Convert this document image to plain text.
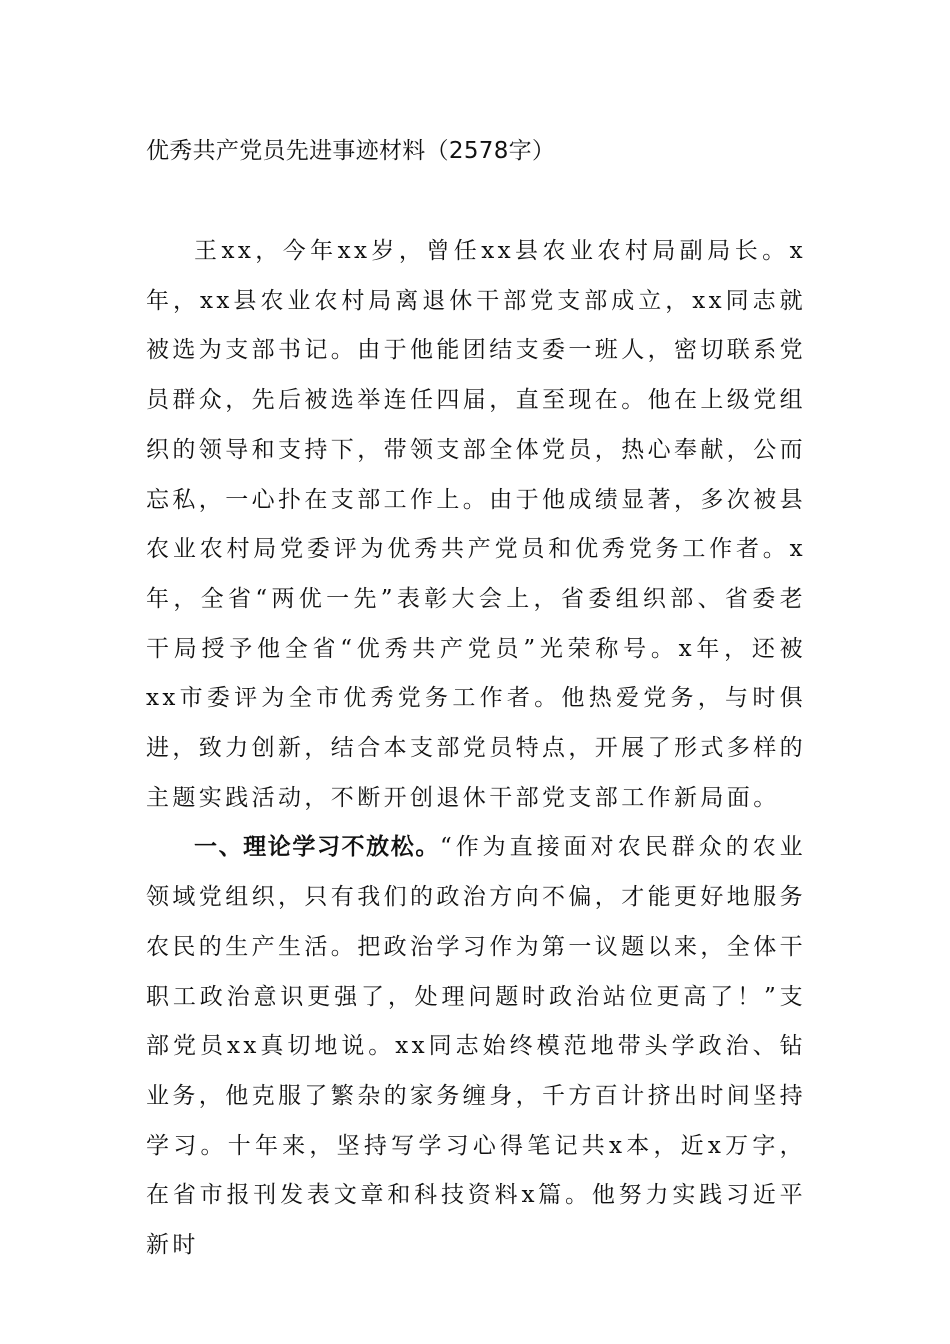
优秀共产党员先进事迹材料（2578字）

王xx，今年xx岁，曾任xx县农业农村局副局长。x年，xx县农业农村局离退休干部党支部成立，xx同志就被选为支部书记。由于他能团结支委一班人，密切联系党员群众，先后被选举连任四届，直至现在。他在上级党组织的领导和支持下，带领支部全体党员，热心奉献，公而忘私，一心扑在支部工作上。由于他成绩显著，多次被县农业农村局党委评为优秀共产党员和优秀党务工作者。x年，全省“两优一先”表彰大会上，省委组织部、省委老干局授予他全省“优秀共产党员”光荣称号。x年，还被xx市委评为全市优秀党务工作者。他热爱党务，与时俱进，致力创新，结合本支部党员特点，开展了形式多样的主题实践活动，不断开创退休干部党支部工作新局面。

一、理论学习不放松。“作为直接面对农民群众的农业领域党组织，只有我们的政治方向不偏，才能更好地服务农民的生产生活。把政治学习作为第一议题以来，全体干职工政治意识更强了，处理问题时政治站位更高了！”支部党员xx真切地说。xx同志始终模范地带头学政治、钻业务，他克服了繁杂的家务缠身，千方百计挤出时间坚持学习。十年来，坚持写学习心得笔记共x本，近x万字，在省市报刊发表文章和科技资料x篇。他努力实践习近平新时
